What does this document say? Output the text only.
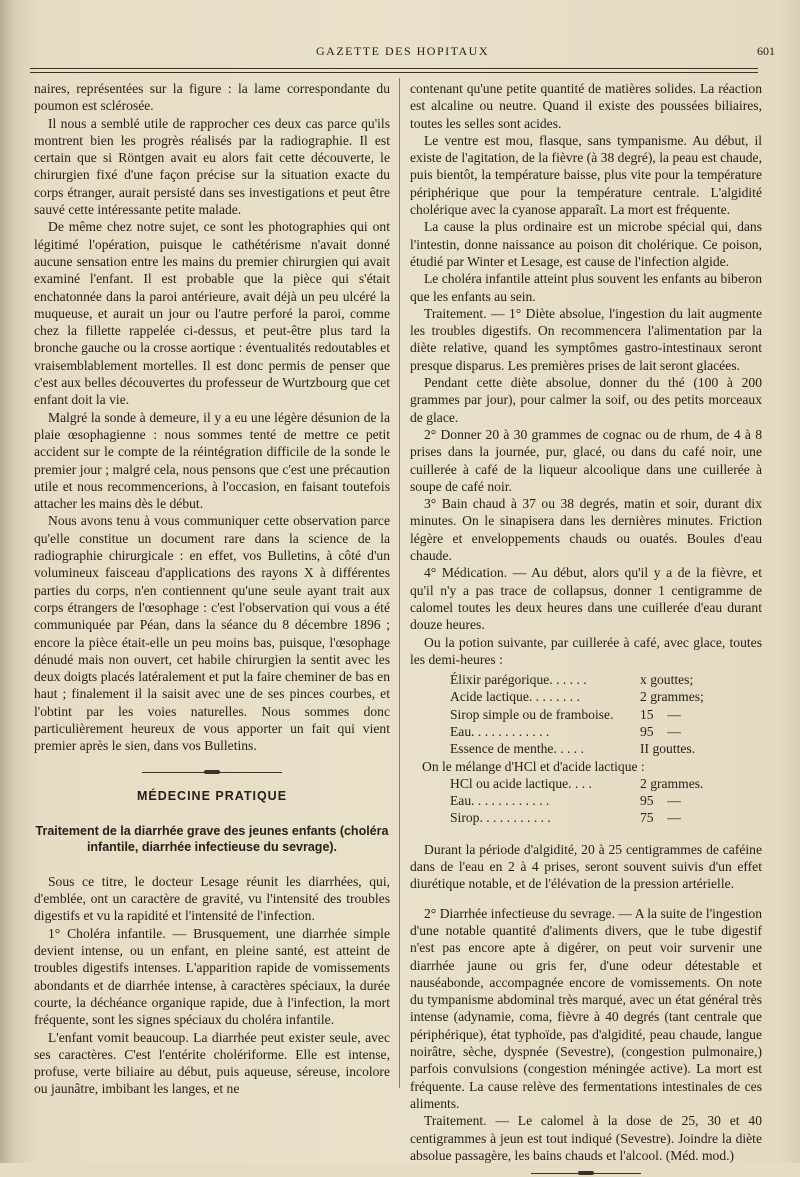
GAZETTE DES HOPITAUX	601

naires, représentées sur la figure : la lame correspondante du poumon est sclérosée.

Il nous a semblé utile de rapprocher ces deux cas parce qu'ils montrent bien les progrès réalisés par la radiographie. Il est certain que si Röntgen avait eu alors fait cette découverte, le chirurgien fixé d'une façon précise sur la situation exacte du corps étranger, aurait persisté dans ses investigations et peut être sauvé cette intéressante petite malade.

De même chez notre sujet, ce sont les photographies qui ont légitimé l'opération, puisque le cathétérisme n'avait donné aucune sensation entre les mains du premier chirurgien qui avait examiné l'enfant. Il est probable que la pièce qui s'était enchatonnée dans la paroi antérieure, avait déjà un peu ulcéré la muqueuse, et aurait un jour ou l'autre perforé la paroi, comme chez la fillette rappelée ci-dessus, et peut-être plus tard la bronche gauche ou la crosse aortique : éventualités redoutables et vraisemblablement mortelles. Il est donc permis de penser que c'est aux belles découvertes du professeur de Wurtzbourg que cet enfant doit la vie.

Malgré la sonde à demeure, il y a eu une légère désunion de la plaie œsophagienne : nous sommes tenté de mettre ce petit accident sur le compte de la réintégration difficile de la sonde le premier jour ; malgré cela, nous pensons que c'est une précaution utile et nous recommencerions, à l'occasion, en faisant toutefois attacher les mains dès le début.

Nous avons tenu à vous communiquer cette observation parce qu'elle constitue un document rare dans la science de la radiographie chirurgicale : en effet, vos Bulletins, à côté d'un volumineux faisceau d'applications des rayons X à différentes parties du corps, n'en contiennent qu'une seule ayant trait aux corps étrangers de l'œsophage : c'est l'observation qui vous a été communiquée par Péan, dans la séance du 8 décembre 1896 ; encore la pièce était-elle un peu moins bas, puisque, l'œsophage dénudé mais non ouvert, cet habile chirurgien la sentit avec les deux doigts placés latéralement et put la faire cheminer de bas en haut ; finalement il la saisit avec une de ses pinces courbes, et l'obtint par les voies naturelles. Nous sommes donc particulièrement heureux de vous apporter un fait qui vient premier après le sien, dans vos Bulletins.

MÉDECINE PRATIQUE
Traitement de la diarrhée grave des jeunes enfants (choléra infantile, diarrhée infectieuse du sevrage).

Sous ce titre, le docteur Lesage réunit les diarrhées, qui, d'emblée, ont un caractère de gravité, vu l'intensité des troubles digestifs et vu la rapidité et l'intensité de l'infection.

1° Choléra infantile. — Brusquement, une diarrhée simple devient intense, ou un enfant, en pleine santé, est atteint de troubles digestifs intenses. L'apparition rapide de vomissements abondants et de diarrhée intense, à caractères spéciaux, la durée courte, la déchéance organique rapide, due à l'infection, la mort fréquente, sont les signes spéciaux du choléra infantile.

L'enfant vomit beaucoup. La diarrhée peut exister seule, avec ses caractères. C'est l'entérite cholériforme. Elle est intense, profuse, verte biliaire au début, puis aqueuse, séreuse, incolore ou jaunâtre, imbibant les langes, et ne

contenant qu'une petite quantité de matières solides. La réaction est alcaline ou neutre. Quand il existe des poussées biliaires, toutes les selles sont acides.

Le ventre est mou, flasque, sans tympanisme. Au début, il existe de l'agitation, de la fièvre (à 38 degré), la peau est chaude, puis bientôt, la température baisse, plus vite pour la température périphérique que pour la température centrale. L'algidité cholérique avec la cyanose apparaît. La mort est fréquente.

La cause la plus ordinaire est un microbe spécial qui, dans l'intestin, donne naissance au poison dit cholérique. Ce poison, étudié par Winter et Lesage, est cause de l'infection algide.

Le choléra infantile atteint plus souvent les enfants au biberon que les enfants au sein.

Traitement. — 1° Diète absolue, l'ingestion du lait augmente les troubles digestifs. On recommencera l'alimentation par la diète relative, quand les symptômes gastro-intestinaux seront presque disparus. Les premières prises de lait seront glacées.

Pendant cette diète absolue, donner du thé (100 à 200 grammes par jour), pour calmer la soif, ou des petits morceaux de glace.

2° Donner 20 à 30 grammes de cognac ou de rhum, de 4 à 8 prises dans la journée, pur, glacé, ou dans du café noir, une cuillerée à café de la liqueur alcoolique dans une cuillerée à soupe de café noir.

3° Bain chaud à 37 ou 38 degrés, matin et soir, durant dix minutes. On le sinapisera dans les dernières minutes. Friction légère et enveloppements chauds ou ouatés. Boules d'eau chaude.

4° Médication. — Au début, alors qu'il y a de la fièvre, et qu'il n'y a pas trace de collapsus, donner 1 centigramme de calomel toutes les deux heures dans une cuillerée d'eau durant douze heures.

Ou la potion suivante, par cuillerée à café, avec glace, toutes les demi-heures :

Élixir parégorique. . . . . .	x gouttes;
Acide lactique. . . . . . . .	2 grammes;
Sirop simple ou de framboise.	15    —
Eau. . . . . . . . . . . .	95    —
Essence de menthe. . . . .	II gouttes.
On le mélange d'HCl et d'acide lactique :
HCl ou acide lactique. . . .	2 grammes.
Eau. . . . . . . . . . . .	95    —
Sirop. . . . . . . . . . .	75    —

Durant la période d'algidité, 20 à 25 centigrammes de caféine dans de l'eau en 2 à 4 prises, seront souvent suivis d'un effet diurétique notable, et de l'élévation de la pression artérielle.

2° Diarrhée infectieuse du sevrage. — A la suite de l'ingestion d'une notable quantité d'aliments divers, que le tube digestif n'est pas encore apte à digérer, on peut voir survenir une diarrhée jaune ou gris fer, d'une odeur détestable et nauséabonde, accompagnée encore de vomissements. On note du tympanisme abdominal très marqué, avec un état général très intense (adynamie, coma, fièvre à 40 degrés (tant centrale que périphérique), état typhoïde, pas d'algidité, peau chaude, langue noirâtre, sèche, dyspnée (Sevestre), (congestion pulmonaire,) parfois convulsions (congestion méningée active). La mort est fréquente. La cause relève des fermentations intestinales de ces aliments.

Traitement. — Le calomel à la dose de 25, 30 et 40 centigrammes à jeun est tout indiqué (Sevestre). Joindre la diète absolue passagère, les bains chauds et l'alcool. (Méd. mod.)
